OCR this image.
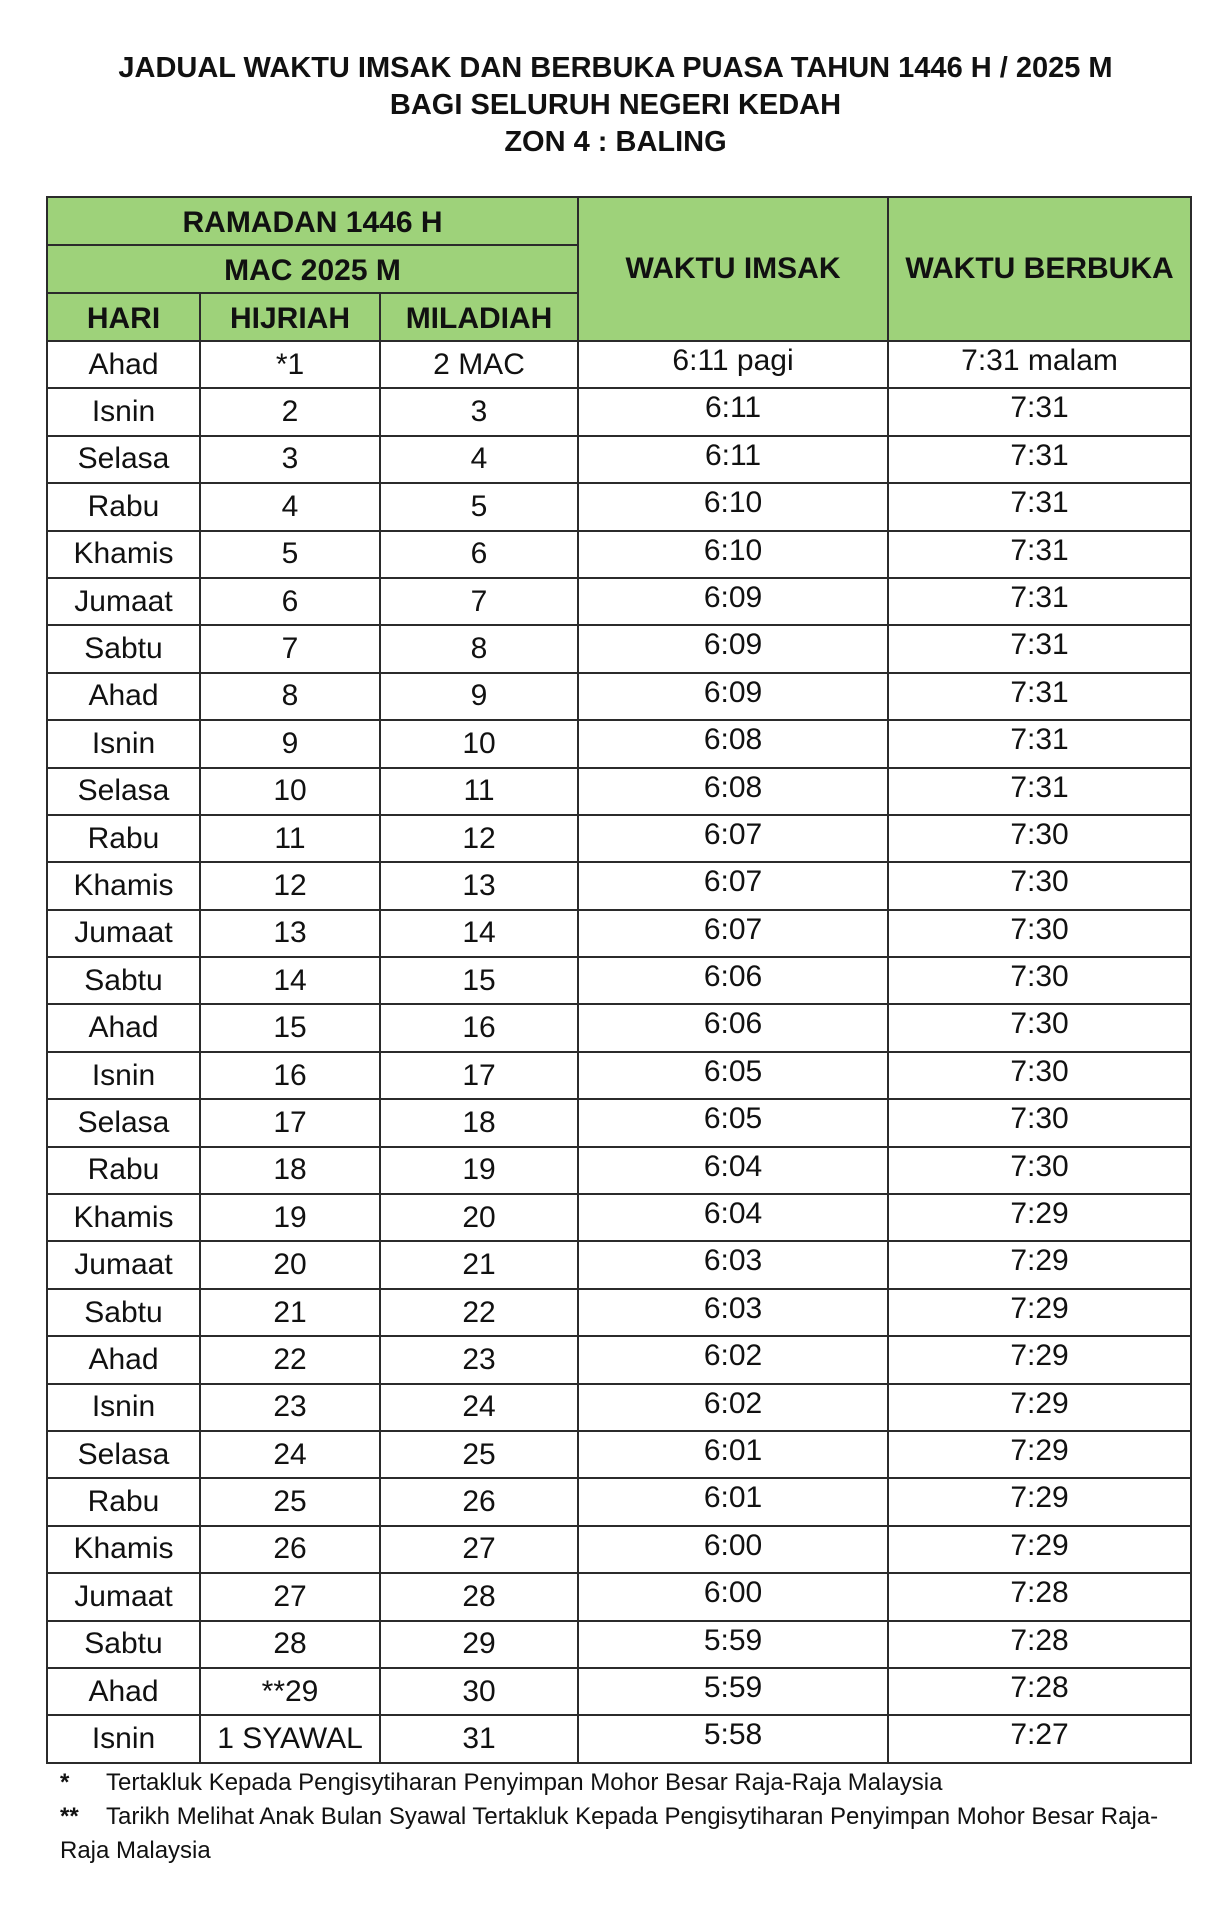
JADUAL WAKTU IMSAK DAN BERBUKA PUASA TAHUN 1446 H / 2025 M
BAGI SELURUH NEGERI KEDAH
ZON 4 : BALING
RAMADAN 1446 H			WAKTU IMSAK	WAKTU BERBUKA
MAC 2025 M				
HARI	HIJRIAH	MILADIAH		
Ahad	*1	2 MAC	6:11 pagi	7:31 malam
Isnin	2	3	6:11	7:31
Selasa	3	4	6:11	7:31
Rabu	4	5	6:10	7:31
Khamis	5	6	6:10	7:31
Jumaat	6	7	6:09	7:31
Sabtu	7	8	6:09	7:31
Ahad	8	9	6:09	7:31
Isnin	9	10	6:08	7:31
Selasa	10	11	6:08	7:31
Rabu	11	12	6:07	7:30
Khamis	12	13	6:07	7:30
Jumaat	13	14	6:07	7:30
Sabtu	14	15	6:06	7:30
Ahad	15	16	6:06	7:30
Isnin	16	17	6:05	7:30
Selasa	17	18	6:05	7:30
Rabu	18	19	6:04	7:30
Khamis	19	20	6:04	7:29
Jumaat	20	21	6:03	7:29
Sabtu	21	22	6:03	7:29
Ahad	22	23	6:02	7:29
Isnin	23	24	6:02	7:29
Selasa	24	25	6:01	7:29
Rabu	25	26	6:01	7:29
Khamis	26	27	6:00	7:29
Jumaat	27	28	6:00	7:28
Sabtu	28	29	5:59	7:28
Ahad	**29	30	5:59	7:28
Isnin	1 SYAWAL	31	5:58	7:27
* Tertakluk Kepada Pengisytiharan Penyimpan Mohor Besar Raja-Raja Malaysia
** Tarikh Melihat Anak Bulan Syawal Tertakluk Kepada Pengisytiharan Penyimpan Mohor Besar Raja-Raja Malaysia
